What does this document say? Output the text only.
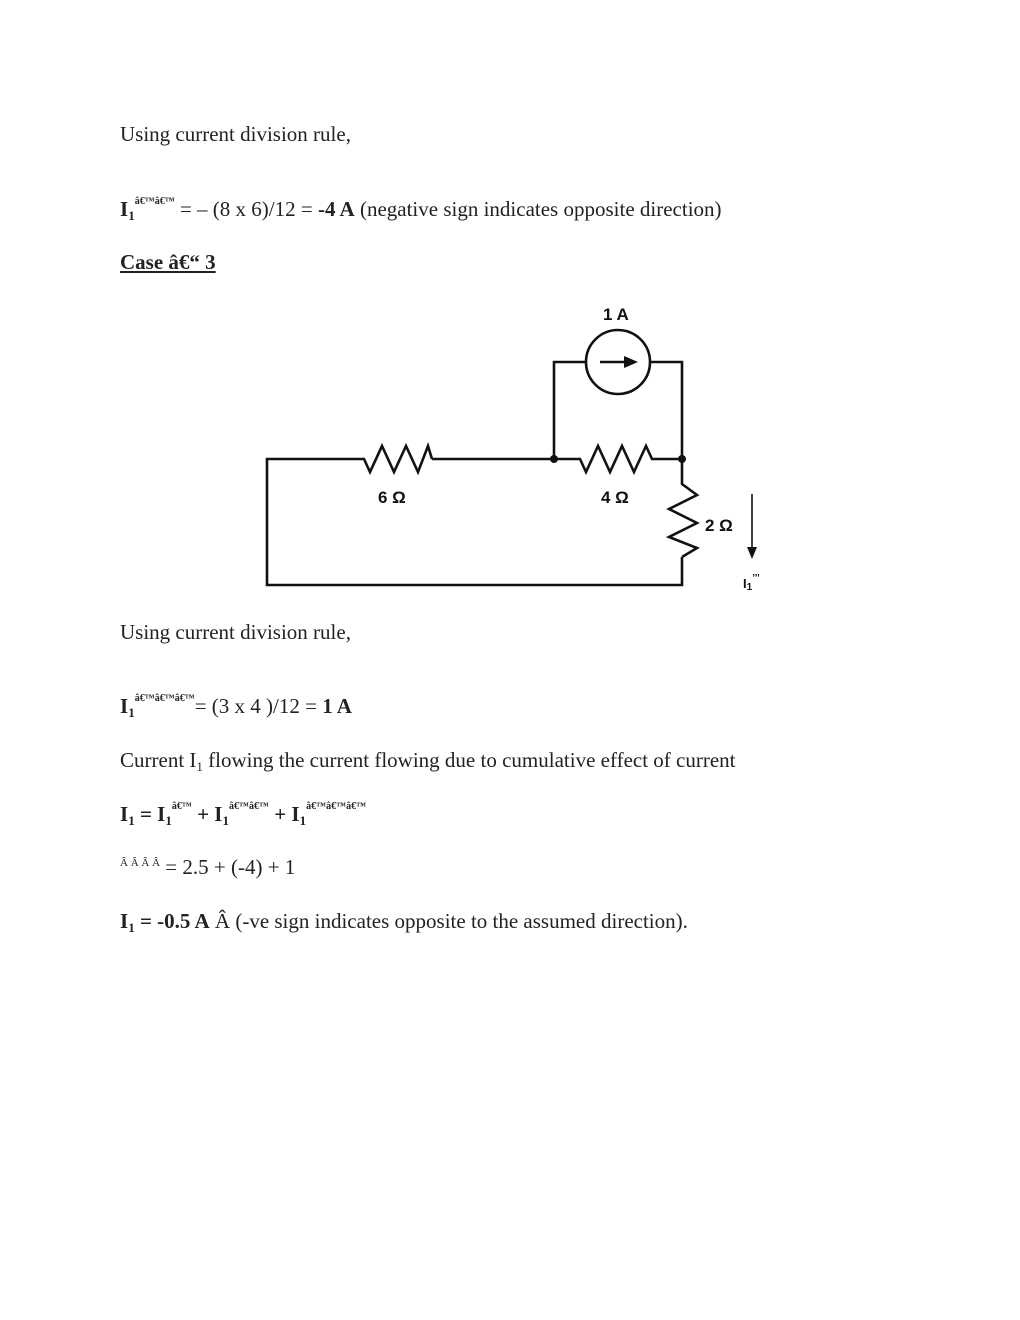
Using current division rule,
$I1^{â€™â€™}$ = – (8 x 6)/12 = -4 A (negative sign indicates opposite direction)
Case â€“ 3
1 A
6 Ω	4 Ω
2 Ω
I1’’’
Using current division rule,
$I1^{â€™â€™â€™}= (3$ x 4 )/12 = 1 A
Current I1 flowing the current flowing due to cumulative effect of current
$I1 = I1^{â€™} + I1^{â€™â€™} + I1^{â€™â€™â€™}$
$^{Â Â Â Â}$ = 2.5 + (-4) + 1
I1 = -0.5 A Â (-ve sign indicates opposite to the assumed direction).
